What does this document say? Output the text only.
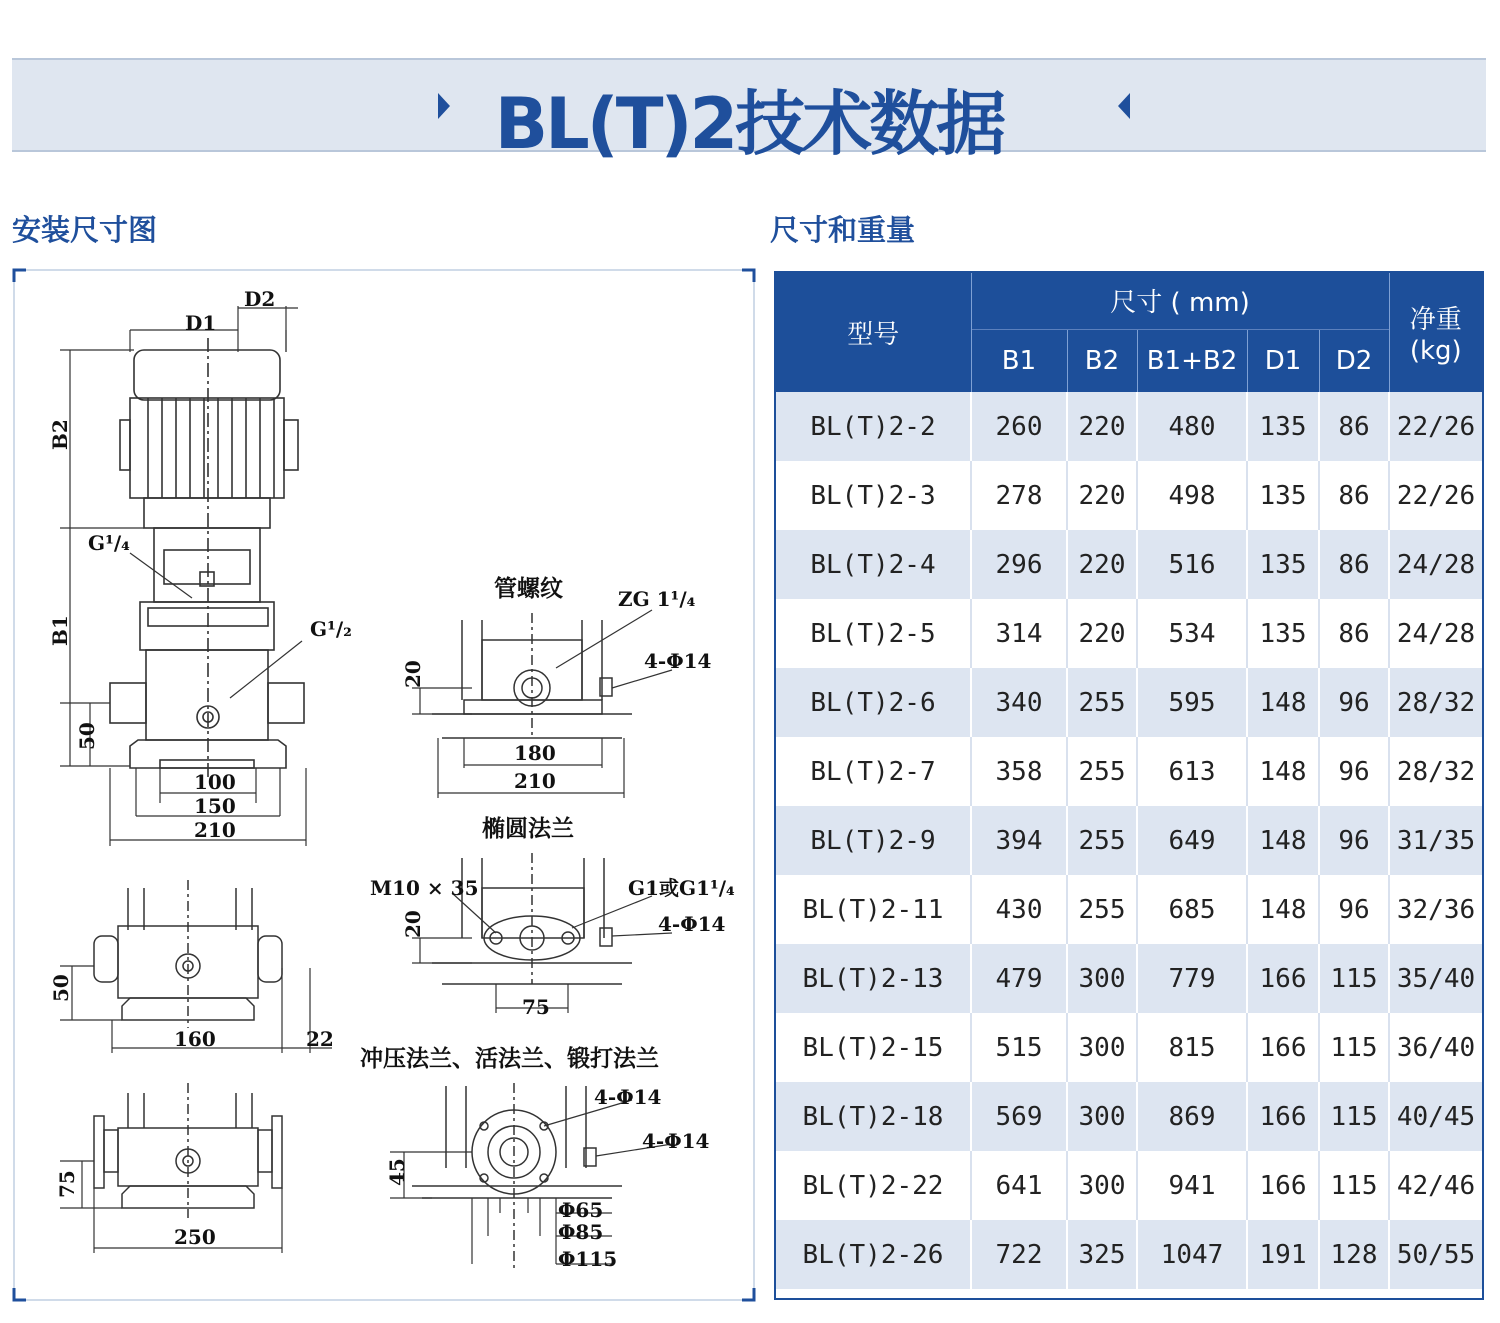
BL(T)2技术数据
安装尺寸图	尺寸和重量
D1
D2
B2
B1
G¹/₄
G¹/₂
50
100
150
210
管螺纹	ZG 1¹/₄
4-Φ14
20
180
210
椭圆法兰
M10 × 35	G1或G1¹/₄
4-Φ14
20
75
50
160	22
冲压法兰、活法兰、锻打法兰
4-Φ14
4-Φ14
45
Φ65
Φ85
Φ115
75
250
型号	尺寸 ( mm)					净重
(kg)

	B1	B2	B1+B2	D1	D2	
BL(T)2-2	260	220	480	135	86	22/26
BL(T)2-3	278	220	498	135	86	22/26
BL(T)2-4	296	220	516	135	86	24/28
BL(T)2-5	314	220	534	135	86	24/28
BL(T)2-6	340	255	595	148	96	28/32
BL(T)2-7	358	255	613	148	96	28/32
BL(T)2-9	394	255	649	148	96	31/35
BL(T)2-11	430	255	685	148	96	32/36
BL(T)2-13	479	300	779	166	115	35/40
BL(T)2-15	515	300	815	166	115	36/40
BL(T)2-18	569	300	869	166	115	40/45
BL(T)2-22	641	300	941	166	115	42/46
BL(T)2-26	722	325	1047	191	128	50/55
